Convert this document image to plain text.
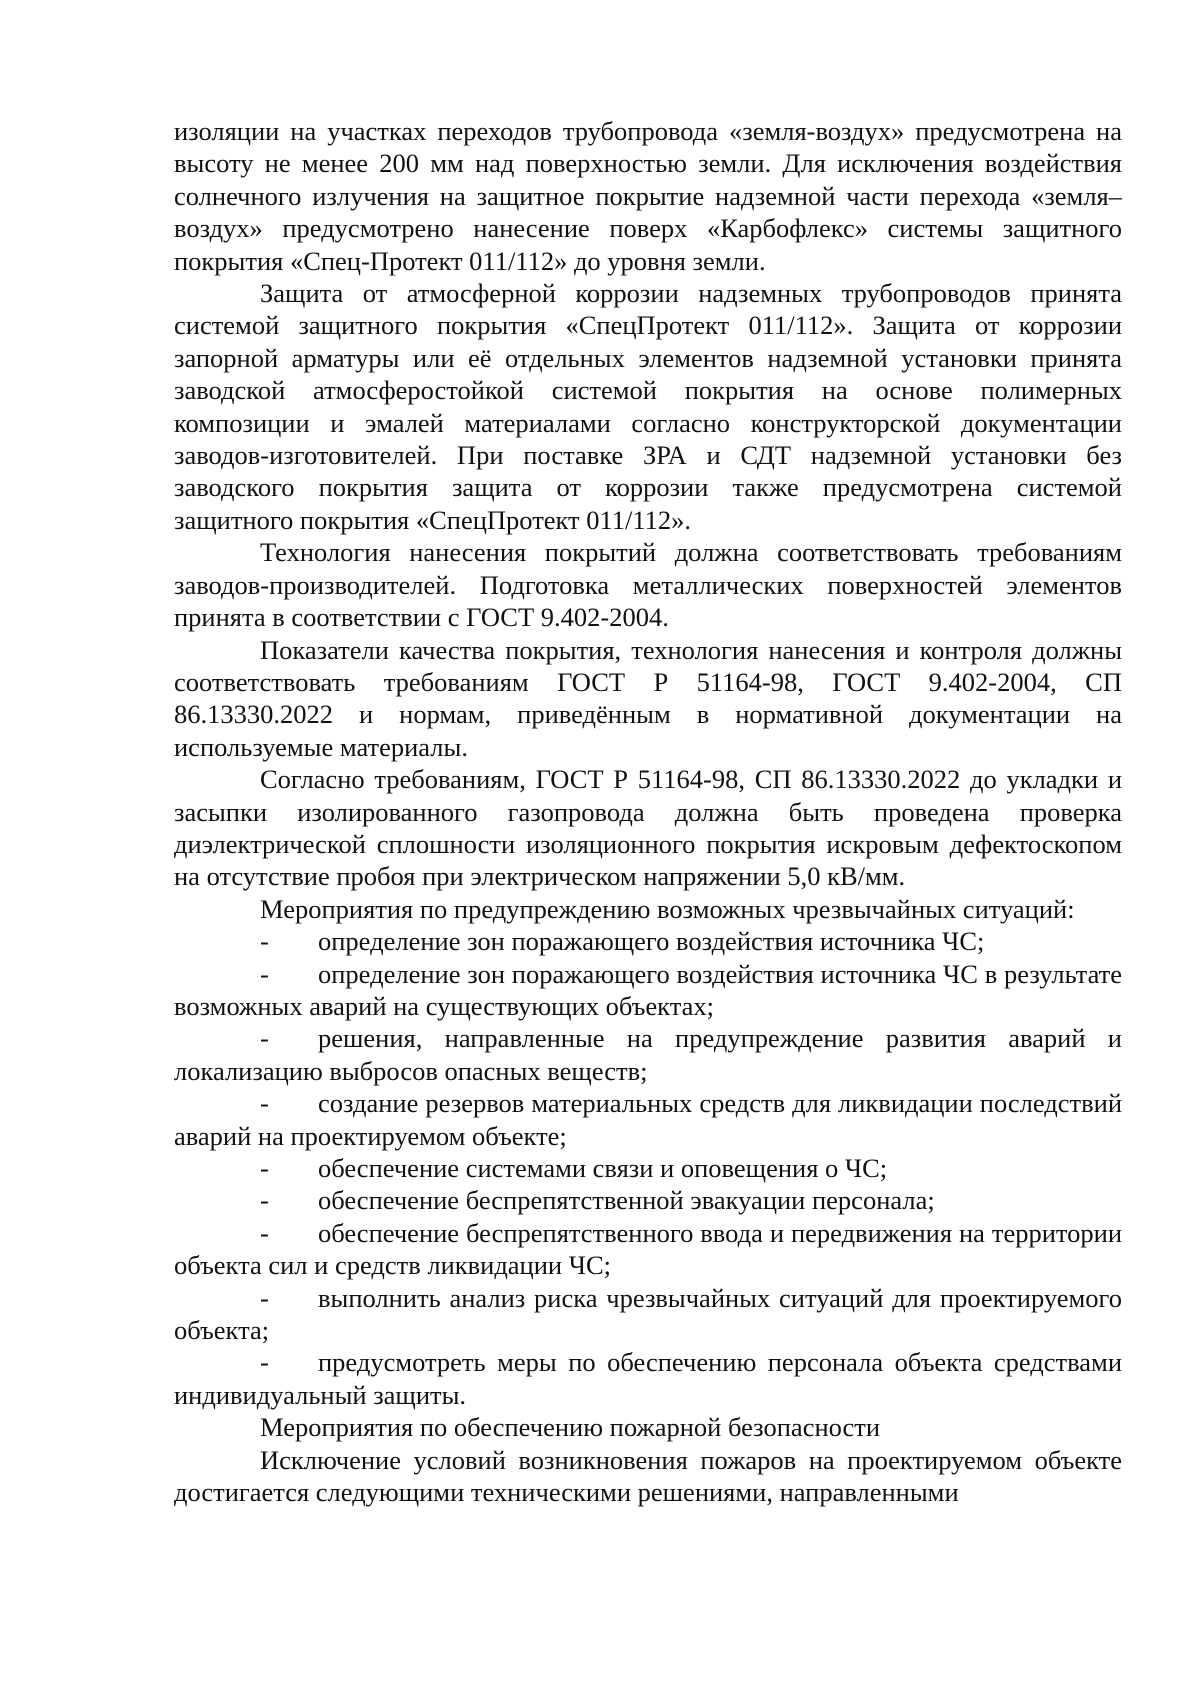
изоляции на участках переходов трубопровода «земля-воздух» предусмотрена на высоту не менее 200 мм над поверхностью земли. Для исключения воздействия солнечного излучения на защитное покрытие надземной части перехода «земля–воздух» предусмотрено нанесение поверх «Карбофлекс» системы защитного покрытия «Спец-Протект 011/112» до уровня земли.

Защита от атмосферной коррозии надземных трубопроводов принята системой защитного покрытия «СпецПротект 011/112». Защита от коррозии запорной арматуры или её отдельных элементов надземной установки принята заводской атмосферостойкой системой покрытия на основе полимерных композиции и эмалей материалами согласно конструкторской документации заводов-изготовителей. При поставке ЗРА и СДТ надземной установки без заводского покрытия защита от коррозии также предусмотрена системой защитного покрытия «СпецПротект 011/112».

Технология нанесения покрытий должна соответствовать требованиям заводов-производителей. Подготовка металлических поверхностей элементов принята в соответствии с ГОСТ 9.402-2004.

Показатели качества покрытия, технология нанесения и контроля должны соответствовать требованиям ГОСТ Р 51164-98, ГОСТ 9.402-2004, СП 86.13330.2022 и нормам, приведённым в нормативной документации на используемые материалы.

Согласно требованиям, ГОСТ Р 51164-98, СП 86.13330.2022 до укладки и засыпки изолированного газопровода должна быть проведена проверка диэлектрической сплошности изоляционного покрытия искровым дефектоскопом на отсутствие пробоя при электрическом напряжении 5,0 кВ/мм.

Мероприятия по предупреждению возможных чрезвычайных ситуаций:

- определение зон поражающего воздействия источника ЧС;

- определение зон поражающего воздействия источника ЧС в результате возможных аварий на существующих объектах;

- решения, направленные на предупреждение развития аварий и локализацию выбросов опасных веществ;

- создание резервов материальных средств для ликвидации последствий аварий на проектируемом объекте;

- обеспечение системами связи и оповещения о ЧС;

- обеспечение беспрепятственной эвакуации персонала;

- обеспечение беспрепятственного ввода и передвижения на территории объекта сил и средств ликвидации ЧС;

- выполнить анализ риска чрезвычайных ситуаций для проектируемого объекта;

- предусмотреть меры по обеспечению персонала объекта средствами индивидуальный защиты.

Мероприятия по обеспечению пожарной безопасности

Исключение условий возникновения пожаров на проектируемом объекте достигается следующими техническими решениями, направленными
